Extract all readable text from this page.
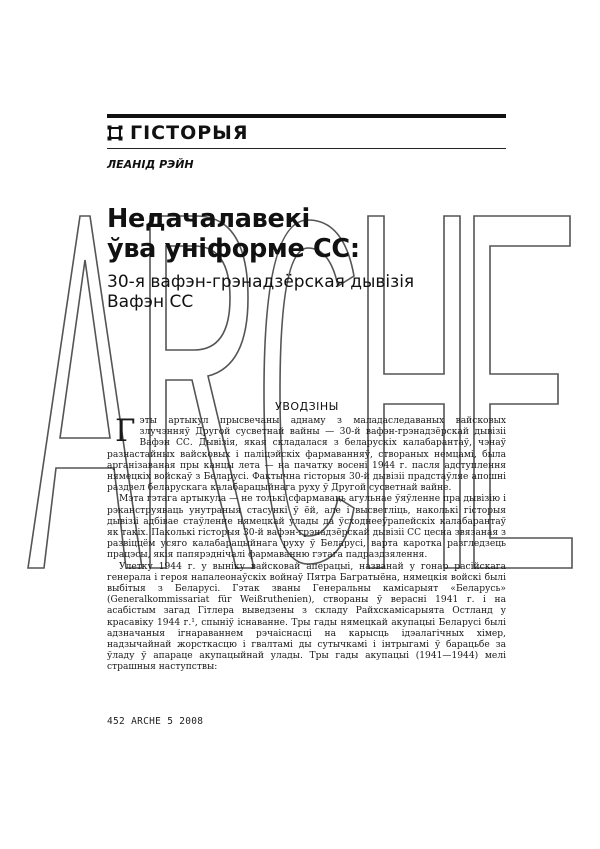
ГІСТОРЫЯ
ЛЕАНІД РЭЙН
Недачалавекі
ўва уніформе СС:
30-я вафэн-грэнадзёрская дывізія
Вафэн СС
УВОДЗІНЫ

Гэты артыкул прысвечаны аднаму з маладаследаваных вайсковых злучэнняў Другой сусветнай вайны — 30-й вафэн-грэнадзёрскай дывізіі Вафэн СС. Дывізія, якая складалася з беларускіх калабарантаў, чэнаў разнастайных вайсковых і паліцэйскіх фармаванняў, створаных немцамі, была арганізаваная пры канцы лета — на пачатку восені 1944 г. пасля адступлення нямецкіх войскаў з Беларусі. Фактычна гісторыя 30-й дывізіі прадстаўляе апошні раздзел беларускага калабарацыйнага руху ў Другой сусветнай вайне.

Мэта гэтага артыкула — не толькі сфармаваць агульнае ўяўленне пра дывізію і рэканструяваць унутраныя стасункі ў ёй, але і высветліць, наколькі гісторыя дывізіі адбівае стаўленне нямецкай улады да ўсходнееўрапейскіх калабарантаў як такіх. Паколькі гісторыя 30-й вафэн-грэнадзёрскай дывізіі СС цесна звязаная з развіццём усяго калабарацыйнага руху ў Беларусі, варта кароткa разгледзець працэсы, якія папярэднічалі фармаванню гэтага падраздзялення.

Улетку 1944 г. у выніку вайсковай аперацыі, названай у гонар расійскага генерала і героя напалеонаўскіх войнаў Пятра Багратыёна, нямецкія войскі былі выбітыя з Беларусі. Гэтак званы Генеральны камісарыят «Беларусь» (Generalkommissariat für Weißruthenien), створаны ў верасні 1941 г. і на асабістым загад Гітлера выведзены з складу Райхскамісарыята Остланд у красавіку 1944 г.¹, спыніў існаванне. Тры гады нямецкай акупацыі Беларусі былі адзначаныя ігнараваннем рэчаіснасці на карысць ідэалагічных хімер, надзычайнай жорсткасцю і гвалтамі ды сутычкамі і інтрыгамі ў барацьбе за ўладу ў апараце акупацыйнай улады. Тры гады акупацыі (1941—1944) мелі страшныя наступствы:

452 ARCHE 5 2008
